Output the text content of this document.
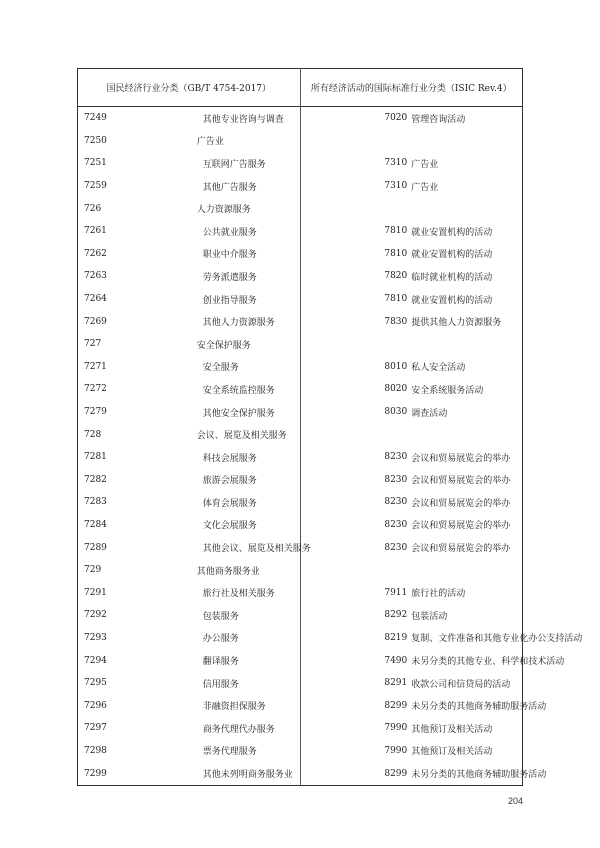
国民经济行业分类（GB/T 4754-2017）		所有经济活动的国际标准行业分类（ISIC Rev.4）	

7249	其他专业咨询与调查	7020	管理咨询活动
7250	广告业		
7251	互联网广告服务	7310	广告业
7259	其他广告服务	7310	广告业
726	人力资源服务		
7261	公共就业服务	7810	就业安置机构的活动
7262	职业中介服务	7810	就业安置机构的活动
7263	劳务派遣服务	7820	临时就业机构的活动
7264	创业指导服务	7810	就业安置机构的活动
7269	其他人力资源服务	7830	提供其他人力资源服务
727	安全保护服务		
7271	安全服务	8010	私人安全活动
7272	安全系统监控服务	8020	安全系统服务活动
7279	其他安全保护服务	8030	调查活动
728	会议、展览及相关服务		
7281	科技会展服务	8230	会议和贸易展览会的举办
7282	旅游会展服务	8230	会议和贸易展览会的举办
7283	体育会展服务	8230	会议和贸易展览会的举办
7284	文化会展服务	8230	会议和贸易展览会的举办
7289	其他会议、展览及相关服务	8230	会议和贸易展览会的举办
729	其他商务服务业		
7291	旅行社及相关服务	7911	旅行社的活动
7292	包装服务	8292	包装活动
7293	办公服务	8219	复制、文件准备和其他专业化办公支持活动
7294	翻译服务	7490	未另分类的其他专业、科学和技术活动
7295	信用服务	8291	收款公司和信贷局的活动
7296	非融资担保服务	8299	未另分类的其他商务辅助服务活动
7297	商务代理代办服务	7990	其他预订及相关活动
7298	票务代理服务	7990	其他预订及相关活动
7299	其他未列明商务服务业	8299	未另分类的其他商务辅助服务活动
204
